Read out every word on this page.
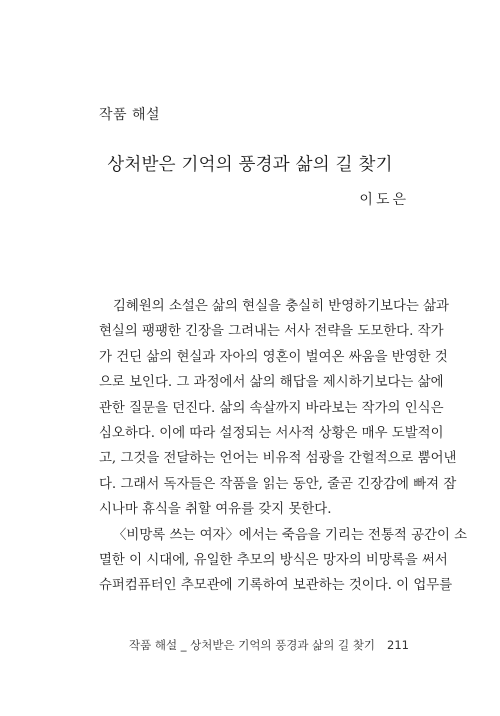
작품 해설
상처받은 기억의 풍경과 삶의 길 찾기
이도은
김혜원의 소설은 삶의 현실을 충실히 반영하기보다는 삶과
현실의 팽팽한 긴장을 그려내는 서사 전략을 도모한다. 작가
가 건딘 삶의 현실과 자아의 영혼이 벌여온 싸움을 반영한 것
으로 보인다. 그 과정에서 삶의 해답을 제시하기보다는 삶에
관한 질문을 던진다. 삶의 속살까지 바라보는 작가의 인식은
심오하다. 이에 따라 설정되는 서사적 상황은 매우 도발적이
고, 그것을 전달하는 언어는 비유적 섬광을 간헐적으로 뿜어낸
다. 그래서 독자들은 작품을 읽는 동안, 줄곧 긴장감에 빠져 잠
시나마 휴식을 취할 여유를 갖지 못한다.
〈비망록 쓰는 여자〉에서는 죽음을 기리는 전통적 공간이 소
멸한 이 시대에, 유일한 추모의 방식은 망자의 비망록을 써서
슈퍼컴퓨터인 추모관에 기록하여 보관하는 것이다. 이 업무를
작품 해설 _ 상처받은 기억의 풍경과 삶의 길 찾기 211
